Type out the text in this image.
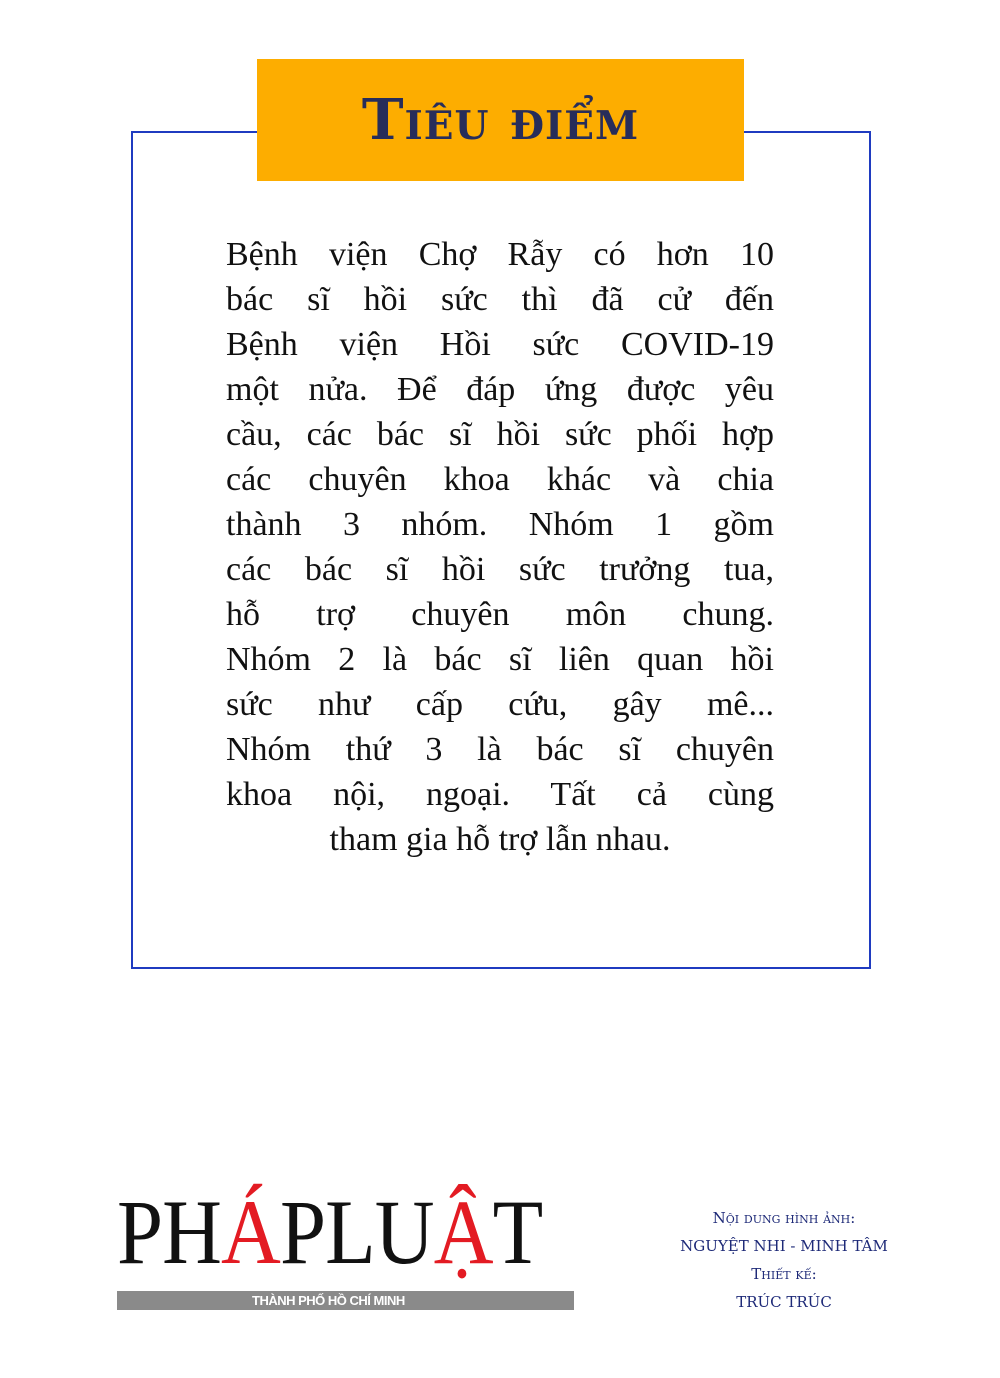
Tiêu điểm
Bệnh viện Chợ Rẫy có hơn 10
bác sĩ hồi sức thì đã cử đến
Bệnh viện Hồi sức COVID-19
một nửa. Để đáp ứng được yêu
cầu, các bác sĩ hồi sức phối hợp
các chuyên khoa khác và chia
thành 3 nhóm. Nhóm 1 gồm
các bác sĩ hồi sức trưởng tua,
hỗ trợ chuyên môn chung.
Nhóm 2 là bác sĩ liên quan hồi
sức như cấp cứu, gây mê...
Nhóm thứ 3 là bác sĩ chuyên
khoa nội, ngoại. Tất cả cùng
tham gia hỗ trợ lẫn nhau.
PHÁPLUẬT
THÀNH PHỐ HỒ CHÍ MINH
Nội dung hình ảnh:
NGUYỆT NHI - MINH TÂM
Thiết kế:
TRÚC TRÚC
